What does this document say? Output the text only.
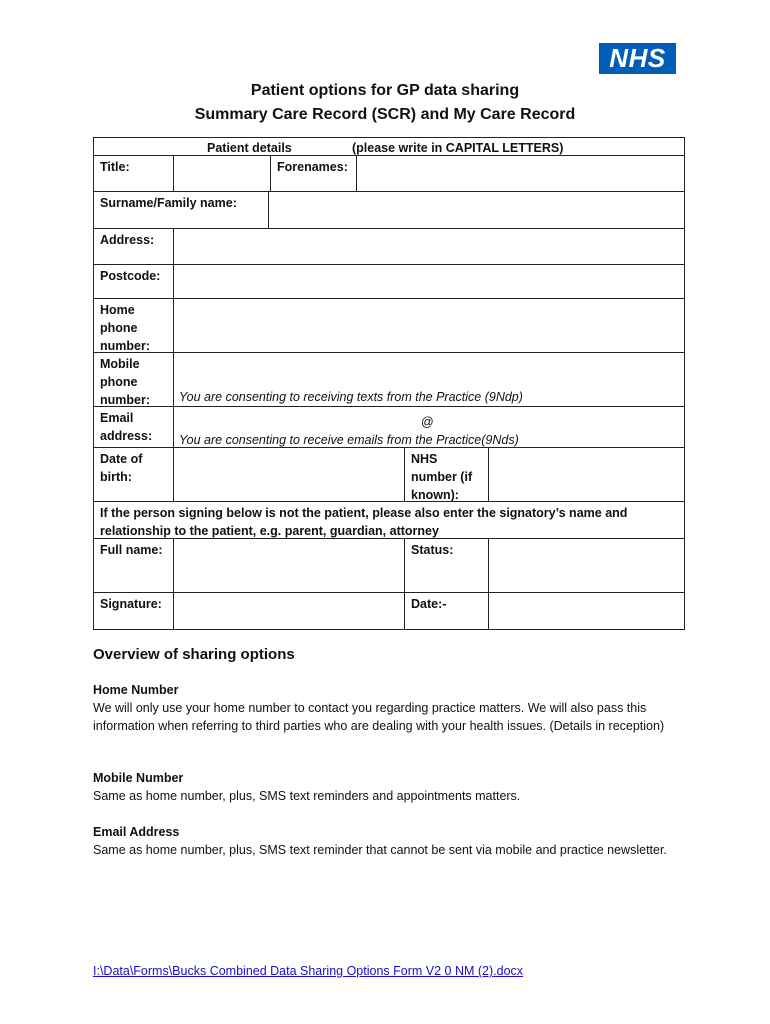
NHS
Patient options for GP data sharing
Summary Care Record (SCR) and My Care Record
Patient details	(please write in CAPITAL LETTERS)
Title:	Forenames:
Surname/Family name:
Address:
Postcode:
Home phone number:
Mobile phone number:	You are consenting to receiving texts from the Practice (9Ndp)
Email address:
@
You are consenting to receive emails from the Practice(9Nds)
Date of birth:
NHS number (if known):
If the person signing below is not the patient, please also enter the signatory’s name and relationship to the patient, e.g. parent, guardian, attorney
Full name:	Status:
Signature:	Date:-
Overview of sharing options
Home Number
We will only use your home number to contact you regarding practice matters. We will also pass this information when referring to third parties who are dealing with your health issues. (Details in reception)
Mobile Number
Same as home number, plus, SMS text reminders and appointments matters.
Email Address
Same as home number, plus, SMS text reminder that cannot be sent via mobile and practice newsletter.
I:\Data\Forms\Bucks Combined Data Sharing Options Form V2 0 NM (2).docx
